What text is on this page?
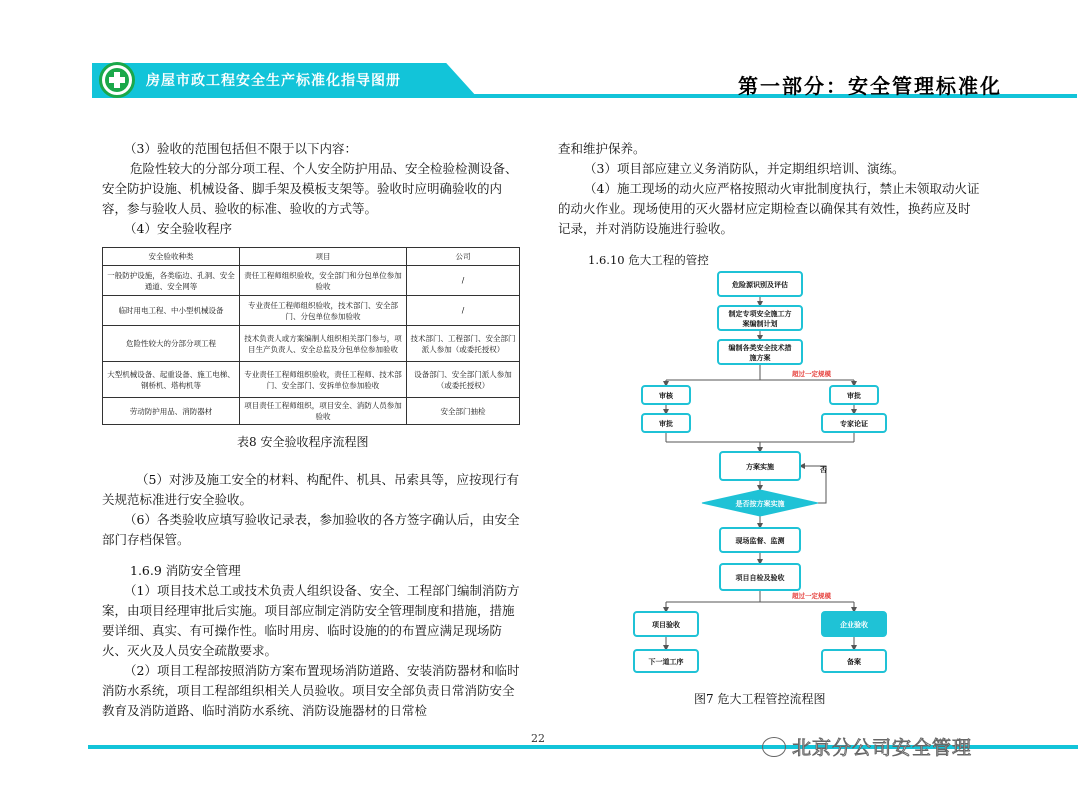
房屋市政工程安全生产标准化指导图册	第一部分：安全管理标准化
（3）验收的范围包括但不限于以下内容：
危险性较大的分部分项工程、个人安全防护用品、安全检验检测设备、安全防护设施、机械设备、脚手架及模板支架等。验收时应明确验收的内容，参与验收人员、验收的标准、验收的方式等。
（4）安全验收程序
安全验收种类	项目	公司
一般防护设施，各类临边、孔洞、安全通道、安全网等	责任工程师组织验收，安全部门和分包单位参加验收	/
临时用电工程、中小型机械设备	专业责任工程师组织验收，技术部门、安全部门、分包单位参加验收	/
危险性较大的分部分项工程	技术负责人或方案编制人组织相关部门参与，项目生产负责人、安全总监及分包单位参加验收	技术部门、工程部门、安全部门派人参加（或委托授权）
大型机械设备、起重设备、施工电梯、钢桥机、塔构机等	专业责任工程师组织验收，责任工程师、技术部门、安全部门、安拆单位参加验收	设备部门、安全部门派人参加（或委托授权）
劳动防护用品、消防器材	项目责任工程师组织，项目安全、消防人员参加验收	安全部门抽检
表8 安全验收程序流程图
（5）对涉及施工安全的材料、构配件、机具、吊索具等，应按现行有关规范标准进行安全验收。
（6）各类验收应填写验收记录表，参加验收的各方签字确认后，由安全部门存档保管。
1.6.9 消防安全管理
（1）项目技术总工或技术负责人组织设备、安全、工程部门编制消防方案，由项目经理审批后实施。项目部应制定消防安全管理制度和措施，措施要详细、真实、有可操作性。临时用房、临时设施的的布置应满足现场防火、灭火及人员安全疏散要求。
（2）项目工程部按照消防方案布置现场消防道路、安装消防器材和临时消防水系统，项目工程部组织相关人员验收。项目安全部负责日常消防安全教育及消防道路、临时消防水系统、消防设施器材的日常检
查和维护保养。
（3）项目部应建立义务消防队，并定期组织培训、演练。
（4）施工现场的动火应严格按照动火审批制度执行，禁止未领取动火证的动火作业。现场使用的灭火器材应定期检查以确保其有效性，换药应及时记录，并对消防设施进行验收。
1.6.10 危大工程的管控
危险源识别及评估
制定专项安全施工方
案编制计划
编制各类安全技术措
施方案
超过一定规模
审核	审批
审批	专家论证
方案实施	否
是否按方案实施
现场监督、监测
项目自检及验收
超过一定规模
项目验收	企业验收
下一道工序	备案
图7 危大工程管控流程图
22	北京分公司安全管理
